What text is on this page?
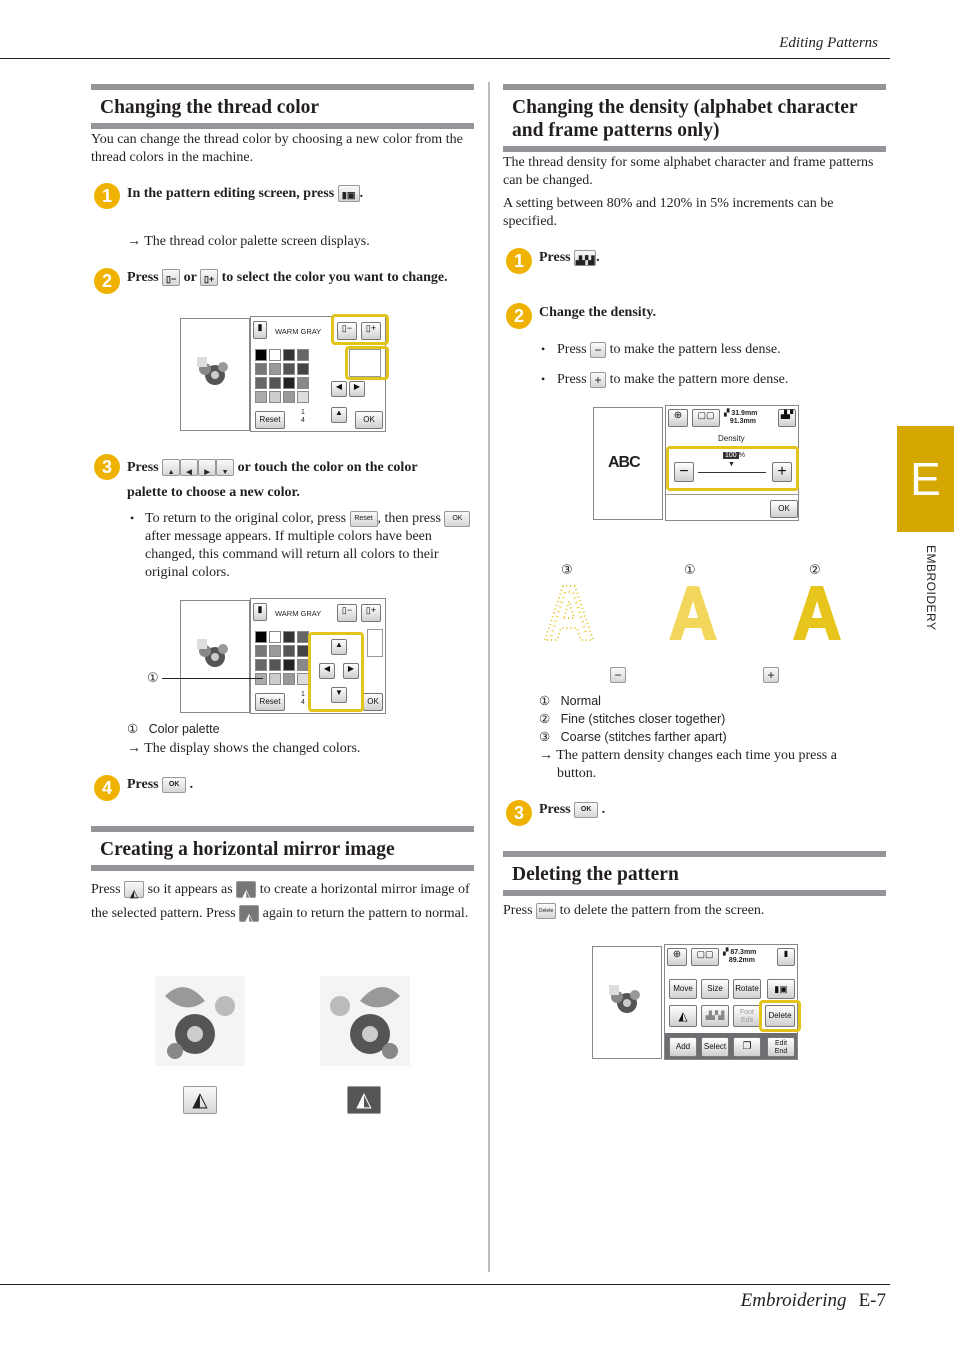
Editing Patterns
Embroidering E-7
E
EMBROIDERY
Changing the thread color

You can change the thread color by choosing a new color from the thread colors in the machine.

1	In the pattern editing screen, press ▮▣ .

→ The thread color palette screen displays.

2	Press ▯− or ▯+ to select the color you want to change.
▮	WARM GRAY	▯−	▯+
◀	▶
▲
Reset
1
4	OK
3	Press ▲ ◀ ▶ ▼ or touch the color on the color
palette to choose a new color.
• To return to the original color, press Reset , then press OK after message appears. If multiple colors have been changed, this command will return all colors to their original colors.

▮	WARM GRAY	▯−	▯+
▲
◀	▶
▼
Reset
1
4	OK
①
① Color palette

→ The display shows the changed colors.

4	Press OK .
Creating a horizontal mirror image

Press ◭ so it appears as ◭ to create a horizontal mirror image of the selected pattern. Press ◭ again to return the pattern to normal.

◭	◭
Changing the density (alphabet character and frame patterns only)

The thread density for some alphabet character and frame patterns can be changed.

A setting between 80% and 120% in 5% increments can be specified.

1	Press ▟▞▟ .
2	Change the density.
• Press − to make the pattern less dense.

• Press + to make the pattern more dense.

ABC
⊕	▢▢	▞ 31.9mm
91.3mm
▟▞
Density
100 %
−	▼	+
OK
③	①	②
−	+
① Normal
② Fine (stitches closer together)
③ Coarse (stitches farther apart)

→ The pattern density changes each time you press a button.

3	Press OK .
Deleting the pattern

Press Delete to delete the pattern from the screen.

⊕	▢▢	▞ 87.3mm
89.2mm
▮
Move	Size	Rotate	▮▣
◭	▟▞▟	Font Edit
Delete
Add	Select	❐	Edit End
